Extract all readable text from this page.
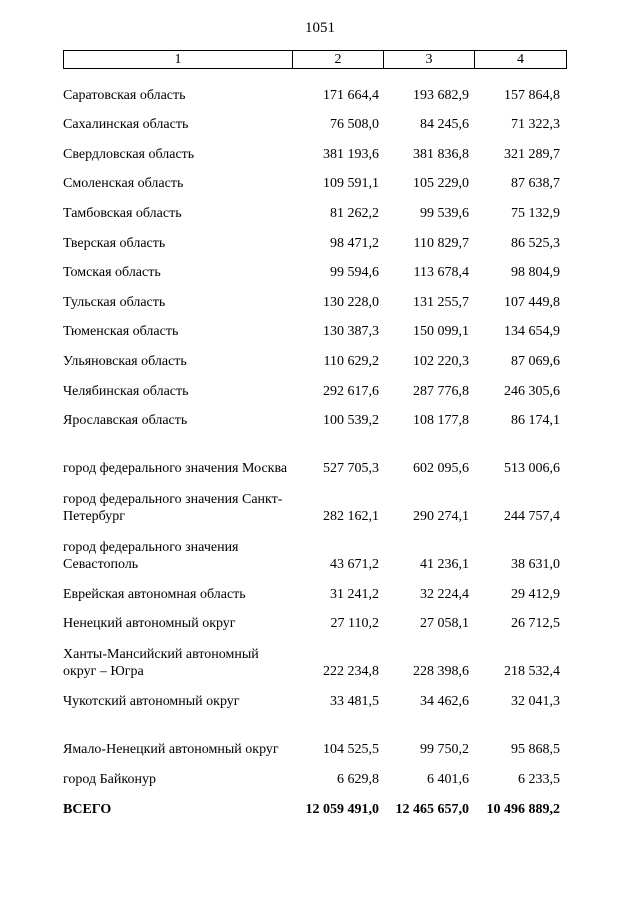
1051
1	2	3	4
Саратовская область	171 664,4	193 682,9	157 864,8
Сахалинская область	76 508,0	84 245,6	71 322,3
Свердловская область	381 193,6	381 836,8	321 289,7
Смоленская область	109 591,1	105 229,0	87 638,7
Тамбовская область	81 262,2	99 539,6	75 132,9
Тверская область	98 471,2	110 829,7	86 525,3
Томская область	99 594,6	113 678,4	98 804,9
Тульская область	130 228,0	131 255,7	107 449,8
Тюменская область	130 387,3	150 099,1	134 654,9
Ульяновская область	110 629,2	102 220,3	87 069,6
Челябинская область	292 617,6	287 776,8	246 305,6
Ярославская область	100 539,2	108 177,8	86 174,1
город федерального значения Москва	527 705,3	602 095,6	513 006,6
город федерального значения Санкт-Петербург	282 162,1	290 274,1	244 757,4
город федерального значения Севастополь	43 671,2	41 236,1	38 631,0
Еврейская автономная область	31 241,2	32 224,4	29 412,9
Ненецкий автономный округ	27 110,2	27 058,1	26 712,5
Ханты-Мансийский автономный округ – Югра	222 234,8	228 398,6	218 532,4
Чукотский автономный округ	33 481,5	34 462,6	32 041,3
Ямало-Ненецкий автономный округ	104 525,5	99 750,2	95 868,5
город Байконур	6 629,8	6 401,6	6 233,5
ВСЕГО	12 059 491,0	12 465 657,0	10 496 889,2
